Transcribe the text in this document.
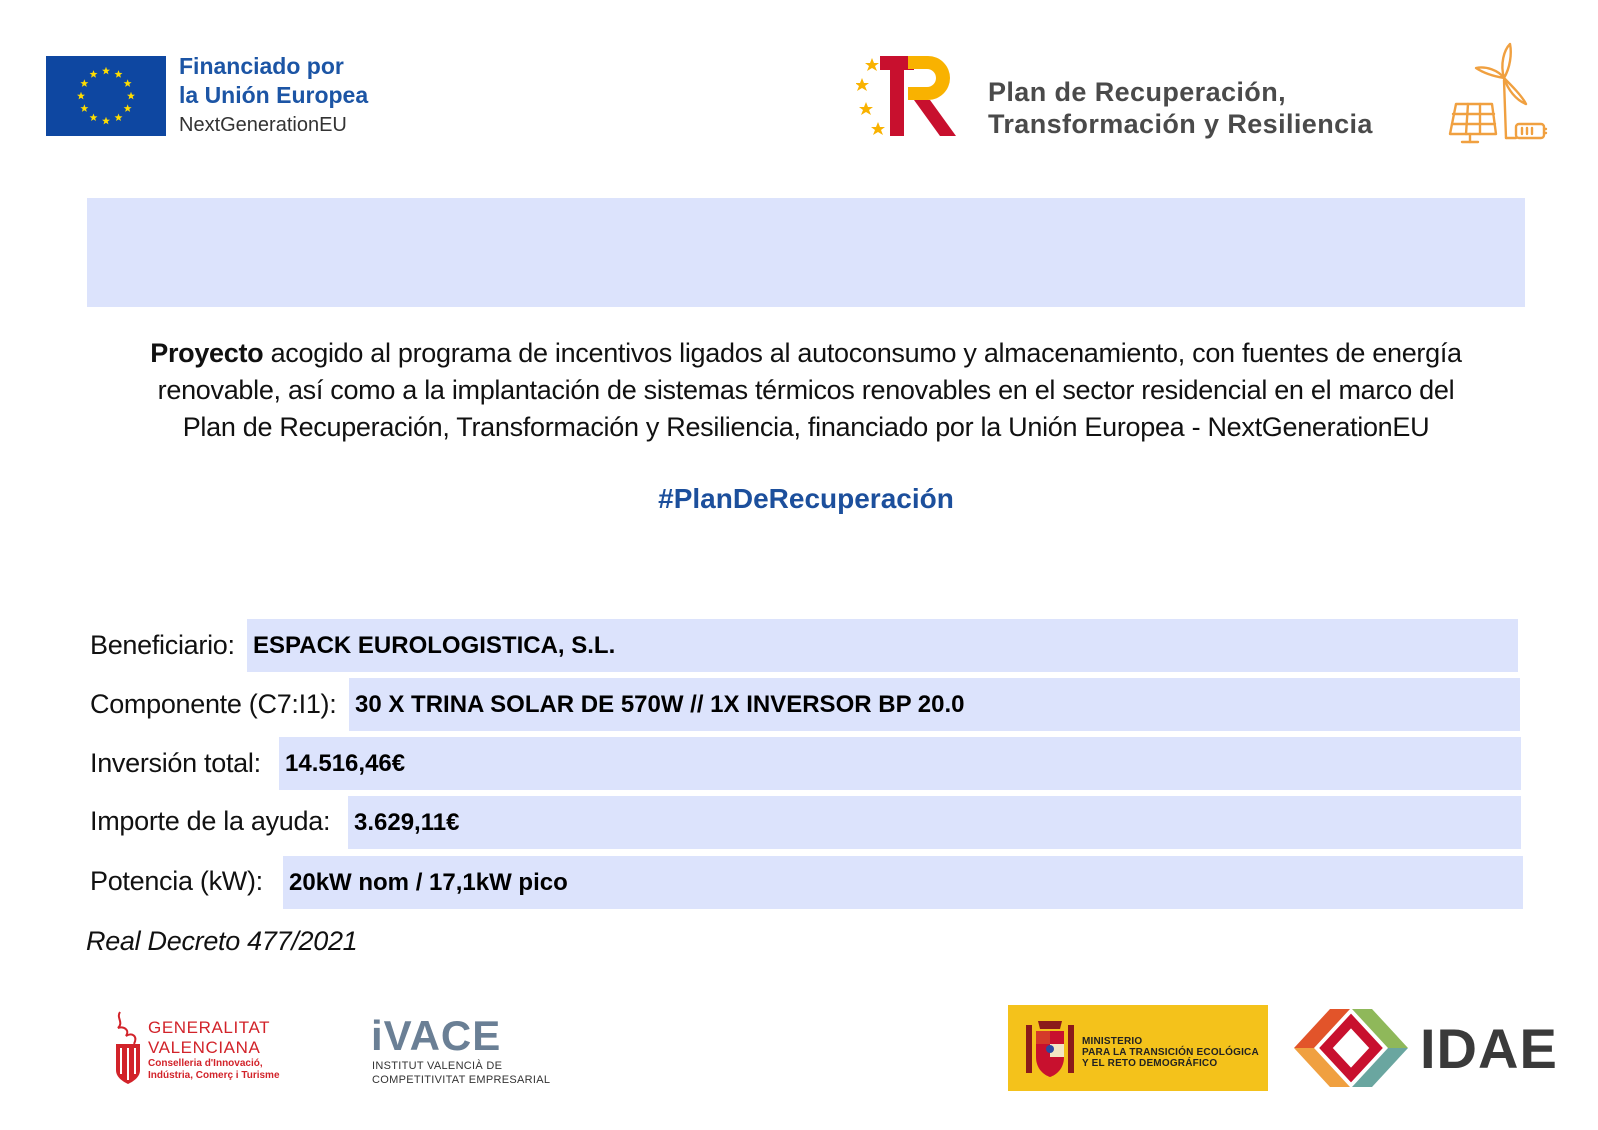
Financiado por
la Unión Europea
NextGenerationEU
Plan de Recuperación,
Transformación y Resiliencia
Proyecto acogido al programa de incentivos ligados al autoconsumo y almacenamiento, con fuentes de energía
renovable, así como a la implantación de sistemas térmicos renovables en el sector residencial en el marco del
Plan de Recuperación, Transformación y Resiliencia, financiado por la Unión Europea - NextGenerationEU
#PlanDeRecuperación
Beneficiario: ESPACK EUROLOGISTICA, S.L.
Componente (C7:I1): 30 X TRINA SOLAR DE 570W // 1X INVERSOR BP 20.0
Inversión total: 14.516,46€
Importe de la ayuda: 3.629,11€
Potencia (kW): 20kW nom / 17,1kW pico
Real Decreto 477/2021
GENERALITAT
VALENCIANA
Conselleria d'Innovació,
Indústria, Comerç i Turisme
iVACE
INSTITUT VALENCIÀ DE
COMPETITIVITAT EMPRESARIAL
MINISTERIO
PARA LA TRANSICIÓN ECOLÓGICA
Y EL RETO DEMOGRÁFICO	IDAE
